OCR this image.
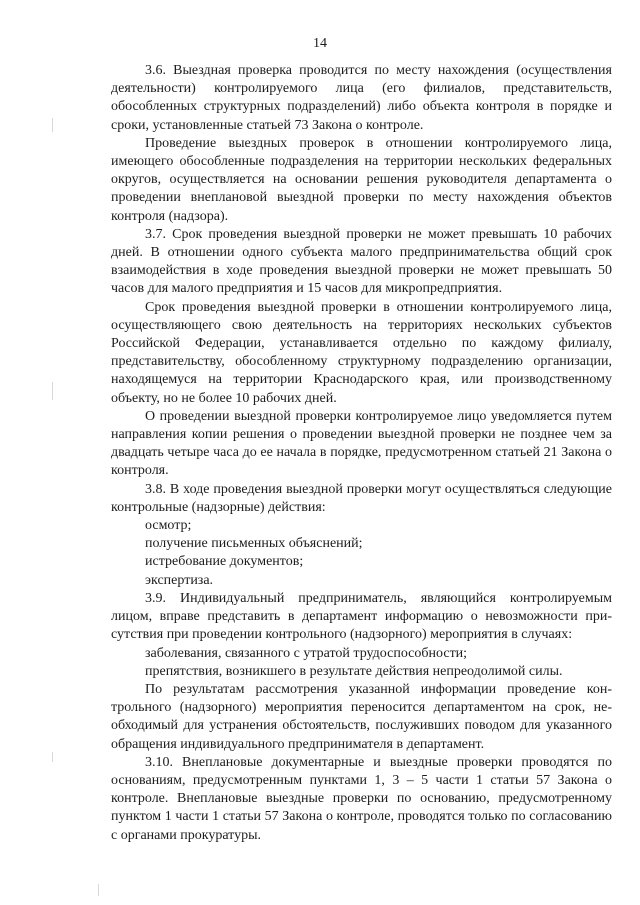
14

3.6. Выездная проверка проводится по месту нахождения (осуществления деятельности) контролируемого лица (его филиалов, представительств, обособленных структурных подразделений) либо объекта контроля в порядке и сроки, установленные статьей 73 Закона о контроле.

Проведение выездных проверок в отношении контролируемого лица, имеющего обособленные подразделения на территории нескольких федеральных округов, осуществляется на основании решения руководителя департамента о проведении внеплановой выездной проверки по месту нахождения объектов контроля (надзора).

3.7. Срок проведения выездной проверки не может превышать 10 рабочих дней. В отношении одного субъекта малого предпринимательства общий срок взаимодействия в ходе проведения выездной проверки не может превышать 50 часов для малого предприятия и 15 часов для микропредприятия.

Срок проведения выездной проверки в отношении контролируемого лица, осуществляющего свою деятельность на территориях нескольких субъектов Российской Федерации, устанавливается отдельно по каждому филиалу, представительству, обособленному структурному подразделению организации, находящемуся на территории Краснодарского края, или производственному объекту, но не более 10 рабочих дней.

О проведении выездной проверки контролируемое лицо уведомляется путем направления копии решения о проведении выездной проверки не позднее чем за двадцать четыре часа до ее начала в порядке, предусмотренном статьей 21 Закона о контроля.

3.8. В ходе проведения выездной проверки могут осуществляться следующие контрольные (надзорные) действия:

осмотр;

получение письменных объяснений;

истребование документов;

экспертиза.

3.9. Индивидуальный предприниматель, являющийся контролируемым лицом, вправе представить в департамент информацию о невозможности присутствия при проведении контрольного (надзорного) мероприятия в случаях:

заболевания, связанного с утратой трудоспособности;

препятствия, возникшего в результате действия непреодолимой силы.

По результатам рассмотрения указанной информации проведение контрольного (надзорного) мероприятия переносится департаментом на срок, необходимый для устранения обстоятельств, послуживших поводом для указанного обращения индивидуального предпринимателя в департамент.

3.10. Внеплановые документарные и выездные проверки проводятся по основаниям, предусмотренным пунктами 1, 3 – 5 части 1 статьи 57 Закона о контроле. Внеплановые выездные проверки по основанию, предусмотренному пунктом 1 части 1 статьи 57 Закона о контроле, проводятся только по согласованию с органами прокуратуры.
